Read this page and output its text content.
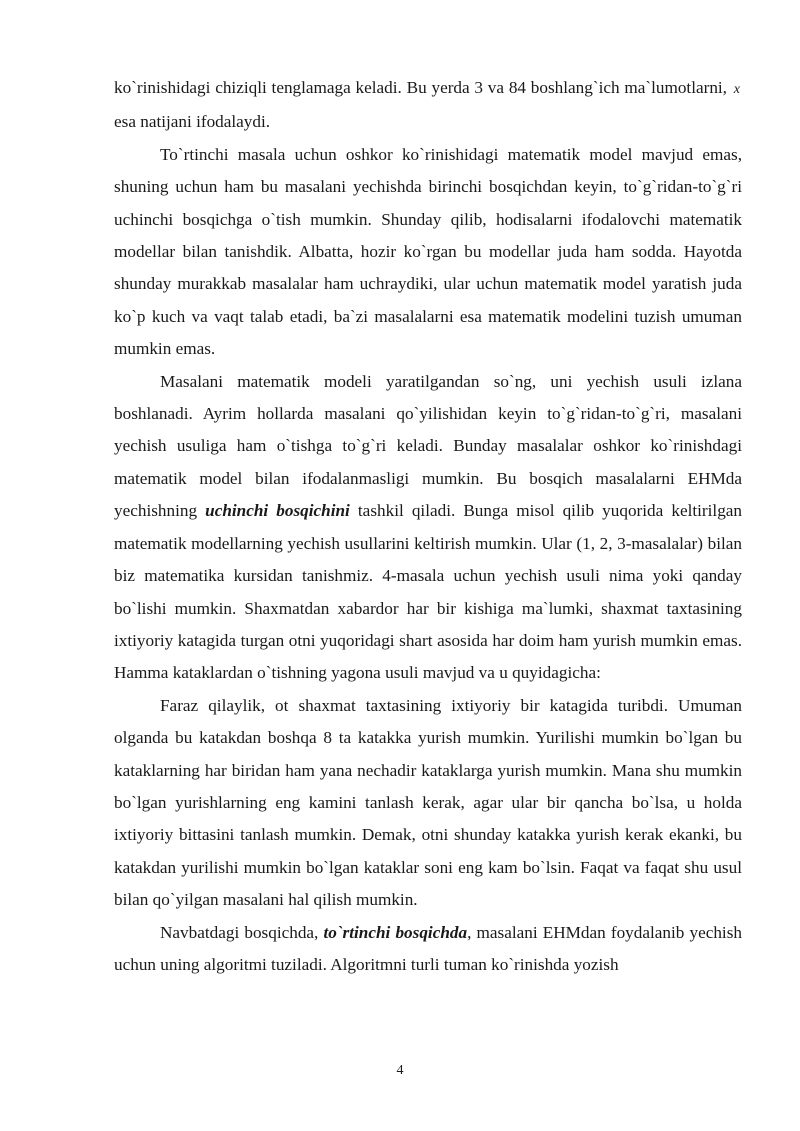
ko`rinishidagi chiziqli tenglamaga keladi. Bu yerda 3 va 84 boshlang`ich ma`lumotlarni, x esa natijani ifodalaydi.

To`rtinchi masala uchun oshkor ko`rinishidagi matematik model mavjud emas, shuning uchun ham bu masalani yechishda birinchi bosqichdan keyin, to`g`ridan-to`g`ri uchinchi bosqichga o`tish mumkin. Shunday qilib, hodisalarni ifodalovchi matematik modellar bilan tanishdik. Albatta, hozir ko`rgan bu modellar juda ham sodda. Hayotda shunday murakkab masalalar ham uchraydiki, ular uchun matematik model yaratish juda ko`p kuch va vaqt talab etadi, ba`zi masalalarni esa matematik modelini tuzish umuman mumkin emas.

Masalani matematik modeli yaratilgandan so`ng, uni yechish usuli izlana boshlanadi. Ayrim hollarda masalani qo`yilishidan keyin to`g`ridan-to`g`ri, masalani yechish usuliga ham o`tishga to`g`ri keladi. Bunday masalalar oshkor ko`rinishdagi matematik model bilan ifodalanmasligi mumkin. Bu bosqich masalalarni EHMda yechishning uchinchi bosqichini tashkil qiladi. Bunga misol qilib yuqorida keltirilgan matematik modellarning yechish usullarini keltirish mumkin. Ular (1, 2, 3-masalalar) bilan biz matematika kursidan tanishmiz. 4-masala uchun yechish usuli nima yoki qanday bo`lishi mumkin. Shaxmatdan xabardor har bir kishiga ma`lumki, shaxmat taxtasining ixtiyoriy katagida turgan otni yuqoridagi shart asosida har doim ham yurish mumkin emas. Hamma kataklardan o`tishning yagona usuli mavjud va u quyidagicha:

Faraz qilaylik, ot shaxmat taxtasining ixtiyoriy bir katagida turibdi. Umuman olganda bu katakdan boshqa 8 ta katakka yurish mumkin. Yurilishi mumkin bo`lgan bu kataklarning har biridan ham yana nechadir kataklarga yurish mumkin. Mana shu mumkin bo`lgan yurishlarning eng kamini tanlash kerak, agar ular bir qancha bo`lsa, u holda ixtiyoriy bittasini tanlash mumkin. Demak, otni shunday katakka yurish kerak ekanki, bu katakdan yurilishi mumkin bo`lgan kataklar soni eng kam bo`lsin. Faqat va faqat shu usul bilan qo`yilgan masalani hal qilish mumkin.

Navbatdagi bosqichda, to`rtinchi bosqichda, masalani EHMdan foydalanib yechish uchun uning algoritmi tuziladi. Algoritmni turli tuman ko`rinishda yozish

4
